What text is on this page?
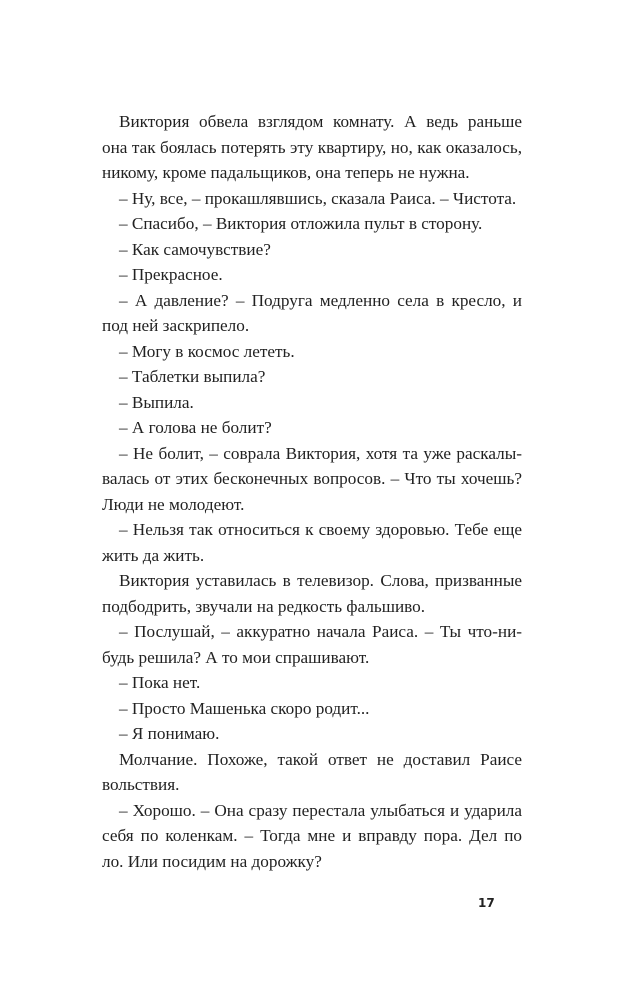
Виктория обвела взглядом комнату. А ведь раньше
она так боялась потерять эту квартиру, но, как оказалось,
никому, кроме падальщиков, она теперь не нужна.
– Ну, все, – прокашлявшись, сказала Раиса. – Чистота.
– Спасибо, – Виктория отложила пульт в сторону.
– Как самочувствие?
– Прекрасное.
– А давление? – Подруга медленно села в кресло, и
под ней заскрипело.
– Могу в космос лететь.
– Таблетки выпила?
– Выпила.
– А голова не болит?
– Не болит, – соврала Виктория, хотя та уже раскалы-
валась от этих бесконечных вопросов. – Что ты хочешь?
Люди не молодеют.
– Нельзя так относиться к своему здоровью. Тебе еще
жить да жить.
Виктория уставилась в телевизор. Слова, призванные
подбодрить, звучали на редкость фальшиво.
– Послушай, – аккуратно начала Раиса. – Ты что-ни-
будь решила? А то мои спрашивают.
– Пока нет.
– Просто Машенька скоро родит...
– Я понимаю.
Молчание. Похоже, такой ответ не доставил Раисе
вольствия.
– Хорошо. – Она сразу перестала улыбаться и ударила
себя по коленкам. – Тогда мне и вправду пора. Дел по
ло. Или посидим на дорожку?
17
